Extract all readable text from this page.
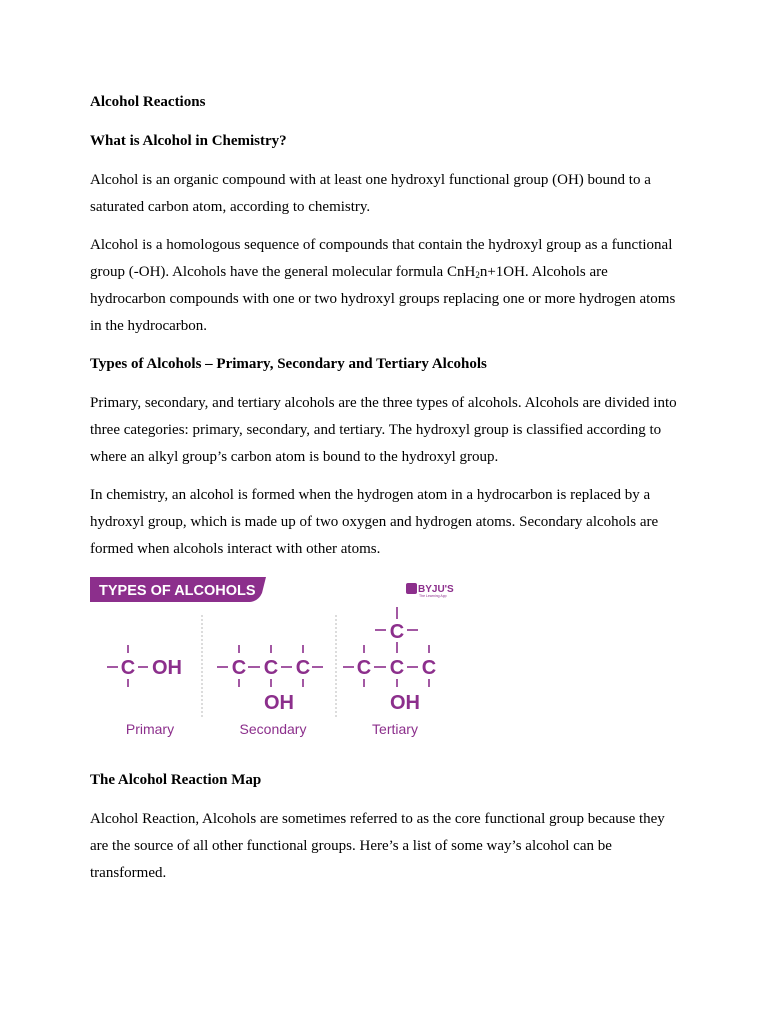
Alcohol Reactions
What is Alcohol in Chemistry?
Alcohol is an organic compound with at least one hydroxyl functional group (OH) bound to a saturated carbon atom, according to chemistry.
Alcohol is a homologous sequence of compounds that contain the hydroxyl group as a functional group (-OH). Alcohols have the general molecular formula CnH$_2$n+1OH. Alcohols are hydrocarbon compounds with one or two hydroxyl groups replacing one or more hydrogen atoms in the hydrocarbon.
Types of Alcohols – Primary, Secondary and Tertiary Alcohols
Primary, secondary, and tertiary alcohols are the three types of alcohols. Alcohols are divided into three categories: primary, secondary, and tertiary. The hydroxyl group is classified according to where an alkyl group’s carbon atom is bound to the hydroxyl group.
In chemistry, an alcohol is formed when the hydrogen atom in a hydrocarbon is replaced by a hydroxyl group, which is made up of two oxygen and hydrogen atoms. Secondary alcohols are formed when alcohols interact with other atoms.
TYPES OF ALCOHOLS	BYJU'S
The Learning App
C OH C C C
OH
C
C C C
OH
Primary	Secondary	Tertiary
The Alcohol Reaction Map
Alcohol Reaction, Alcohols are sometimes referred to as the core functional group because they are the source of all other functional groups. Here’s a list of some way’s alcohol can be transformed.
